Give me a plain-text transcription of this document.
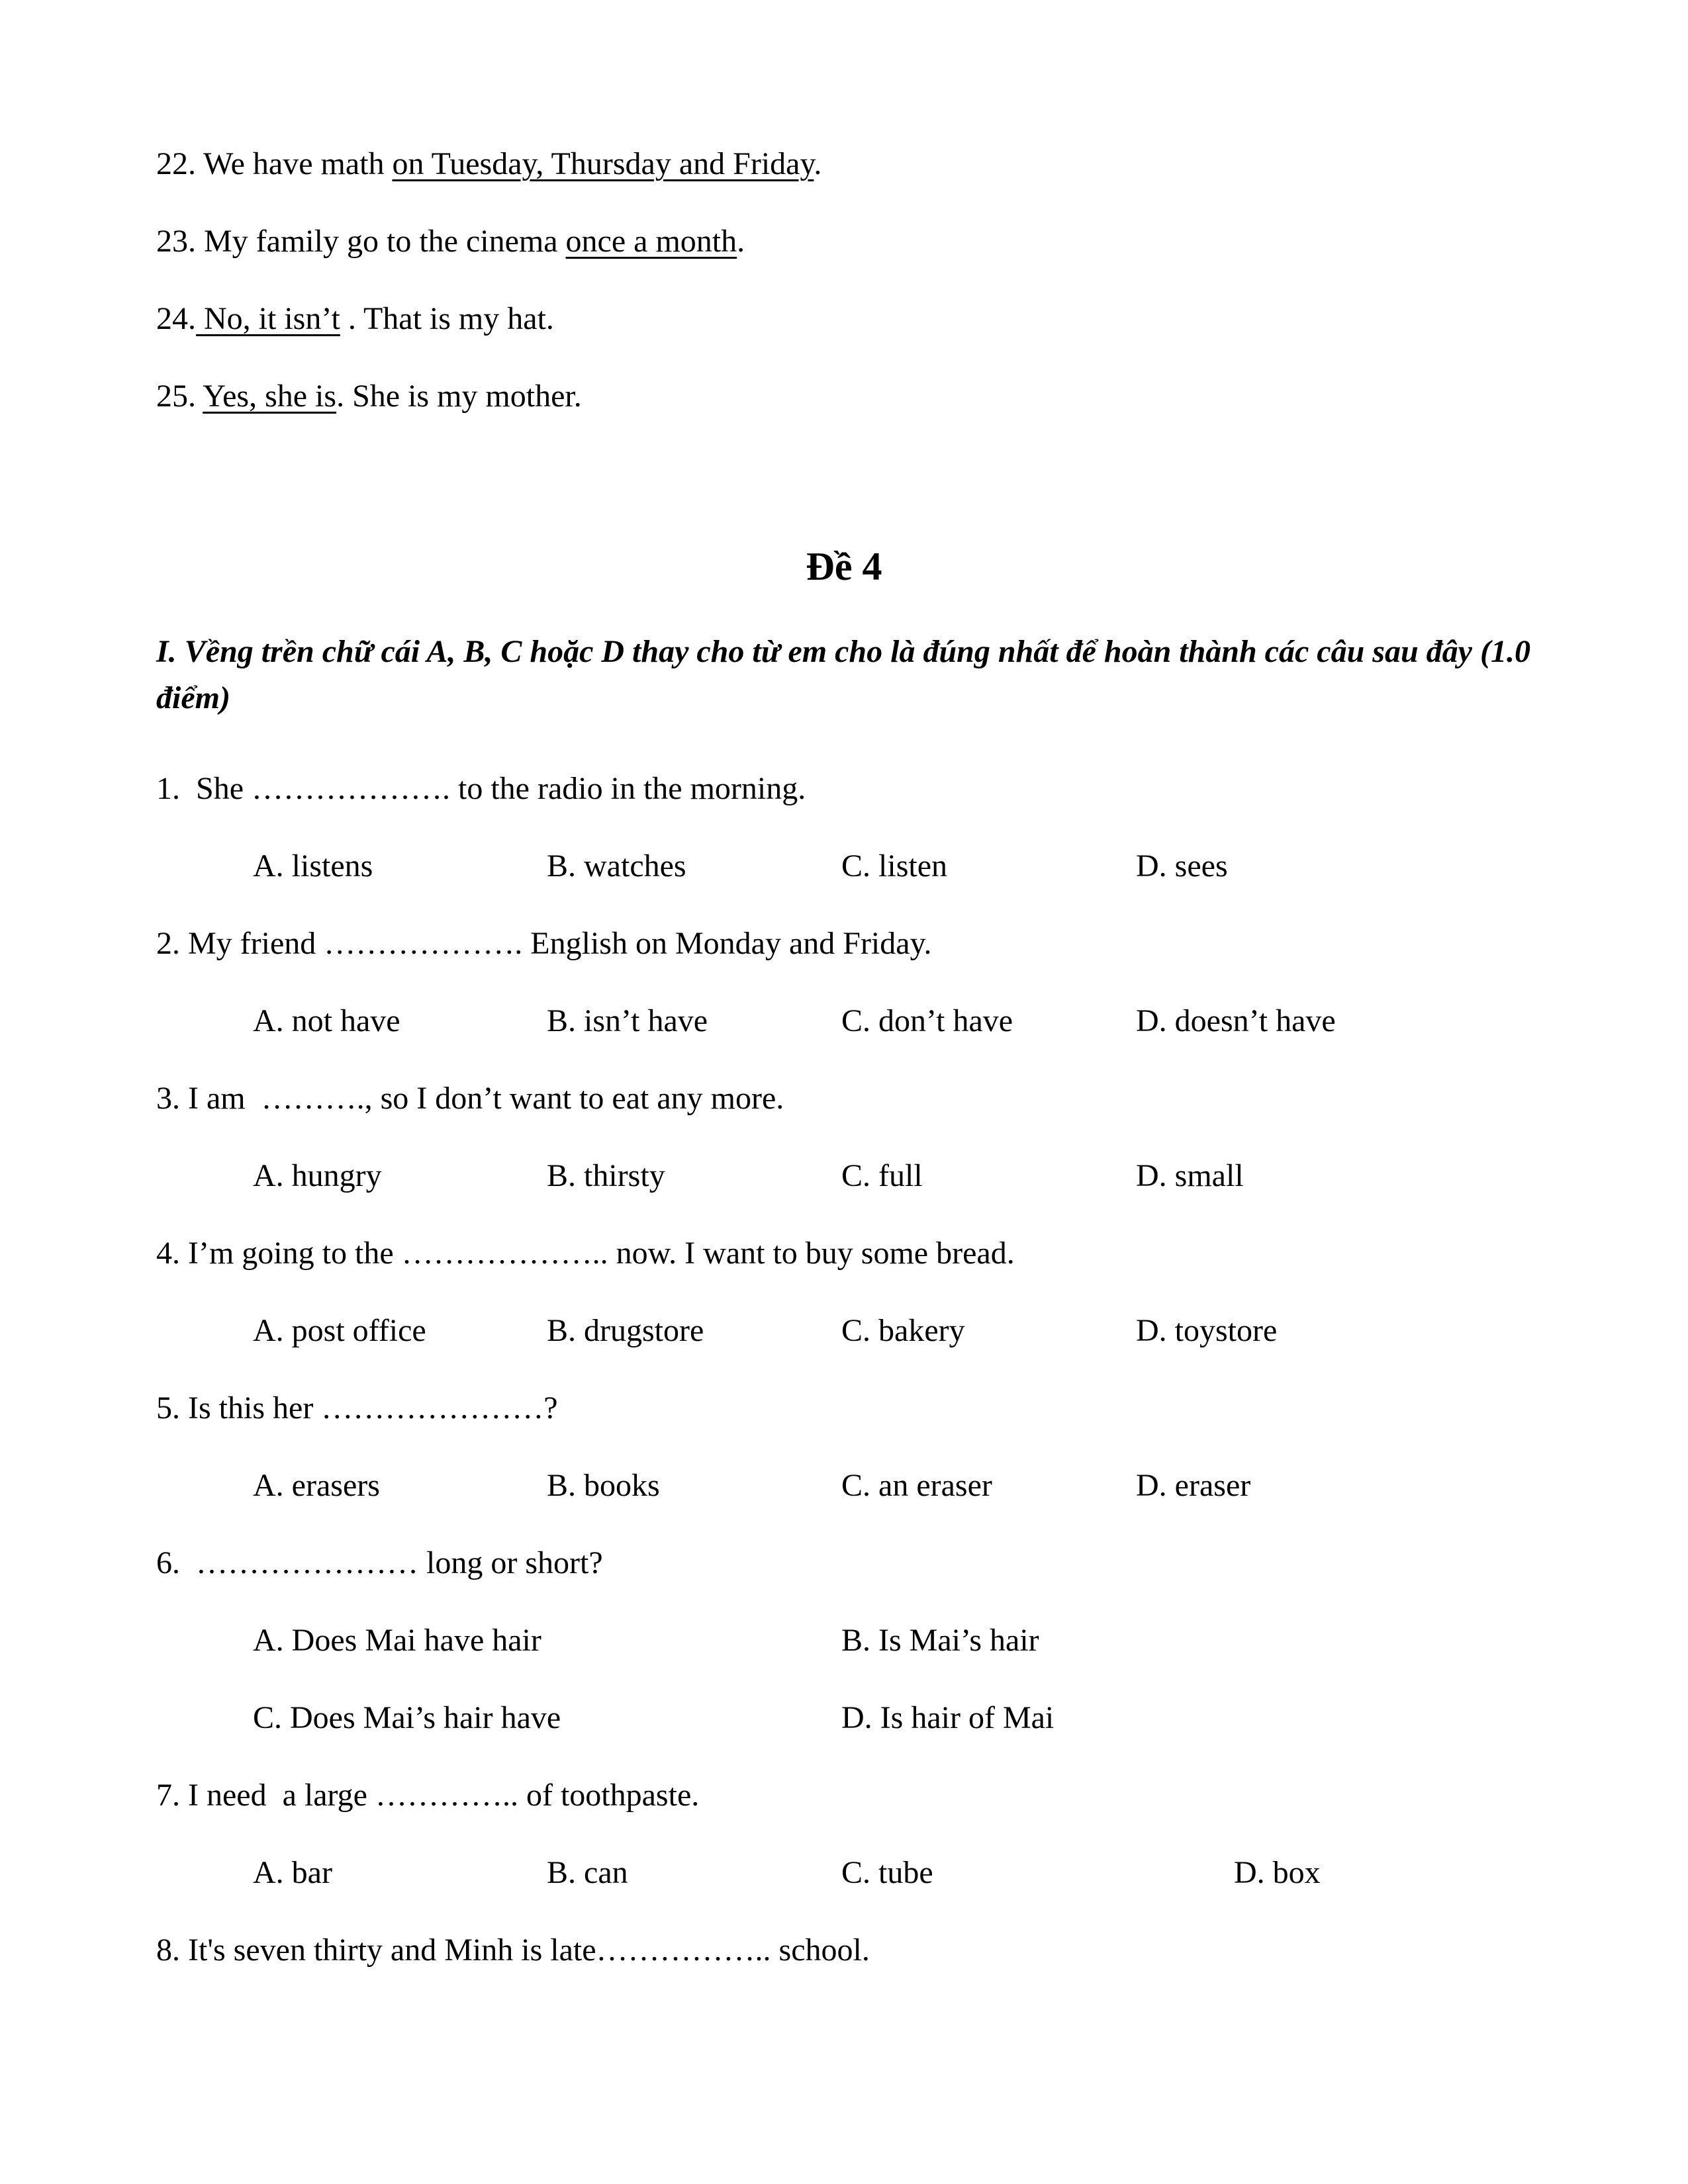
22. We have math on Tuesday, Thursday and Friday.

23. My family go to the cinema once a month.

24. No, it isn’t . That is my hat.

25. Yes, she is. She is my mother.

Đề 4

I. Vềng trền chữ cái A, B, C hoặc D thay cho từ em cho là đúng nhất để hoàn thành các câu sau đây (1.0 điểm)

1.  She ………………. to the radio in the morning.

A. listens	B. watches	C. listen	D. sees

2. My friend ………………. English on Monday and Friday.

A. not have	B. isn’t have	C. don’t have	D. doesn’t have

3. I am  ………., so I don’t want to eat any more.

A. hungry	B. thirsty	C. full	D. small

4. I’m going to the ……………….. now. I want to buy some bread.

A. post office	B. drugstore	C. bakery	D. toystore

5. Is this her …………………?

A. erasers	B. books	C. an eraser	D. eraser

6.  ………………… long or short?

A. Does Mai have hair	B. Is Mai’s hair
C. Does Mai’s hair have	D. Is hair of Mai

7. I need  a large ………….. of toothpaste.

A. bar	B. can	C. tube	D. box

8. It's seven thirty and Minh is late…………….. school.
